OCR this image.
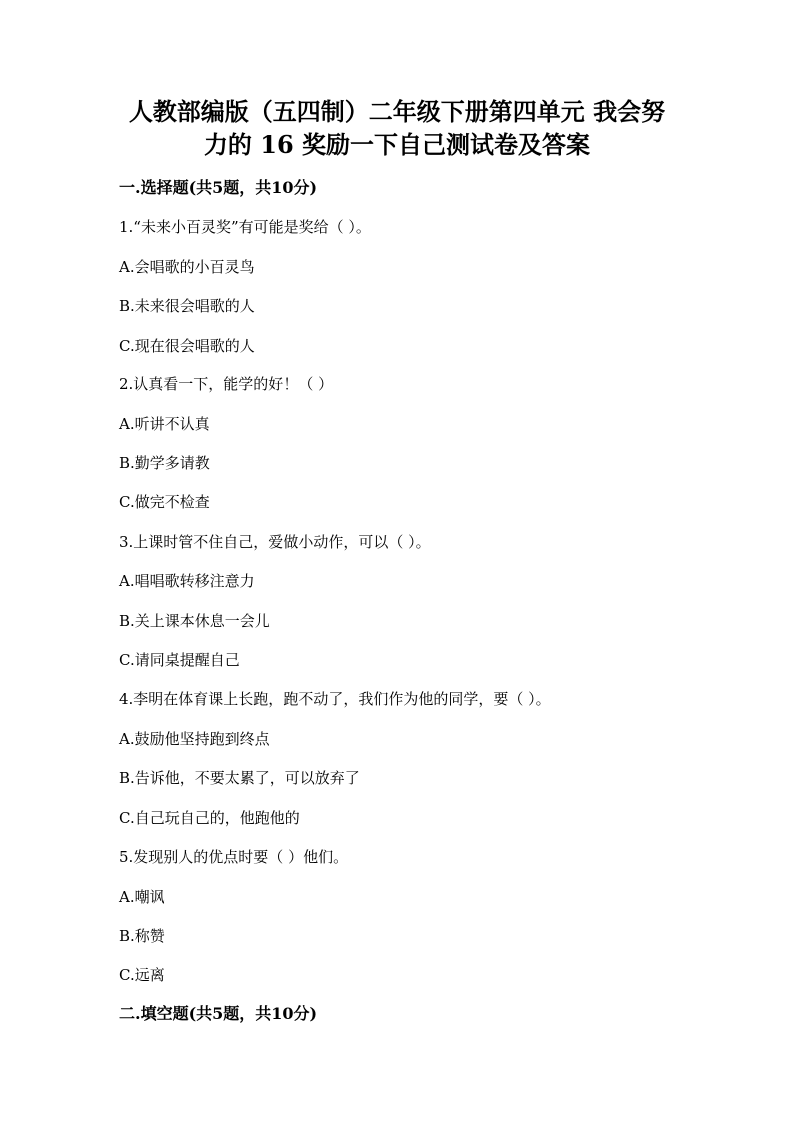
人教部编版（五四制）二年级下册第四单元 我会努
力的 16 奖励一下自己测试卷及答案
一.选择题(共5题，共10分)
1.“未来小百灵奖”有可能是奖给（ ）。
A.会唱歌的小百灵鸟
B.未来很会唱歌的人
C.现在很会唱歌的人
2.认真看一下，能学的好！（ ）
A.听讲不认真
B.勤学多请教
C.做完不检查
3.上课时管不住自己，爱做小动作，可以（ ）。
A.唱唱歌转移注意力
B.关上课本休息一会儿
C.请同桌提醒自己
4.李明在体育课上长跑，跑不动了，我们作为他的同学，要（ ）。
A.鼓励他坚持跑到终点
B.告诉他，不要太累了，可以放弃了
C.自己玩自己的，他跑他的
5.发现别人的优点时要（ ）他们。
A.嘲讽
B.称赞
C.远离
二.填空题(共5题，共10分)
